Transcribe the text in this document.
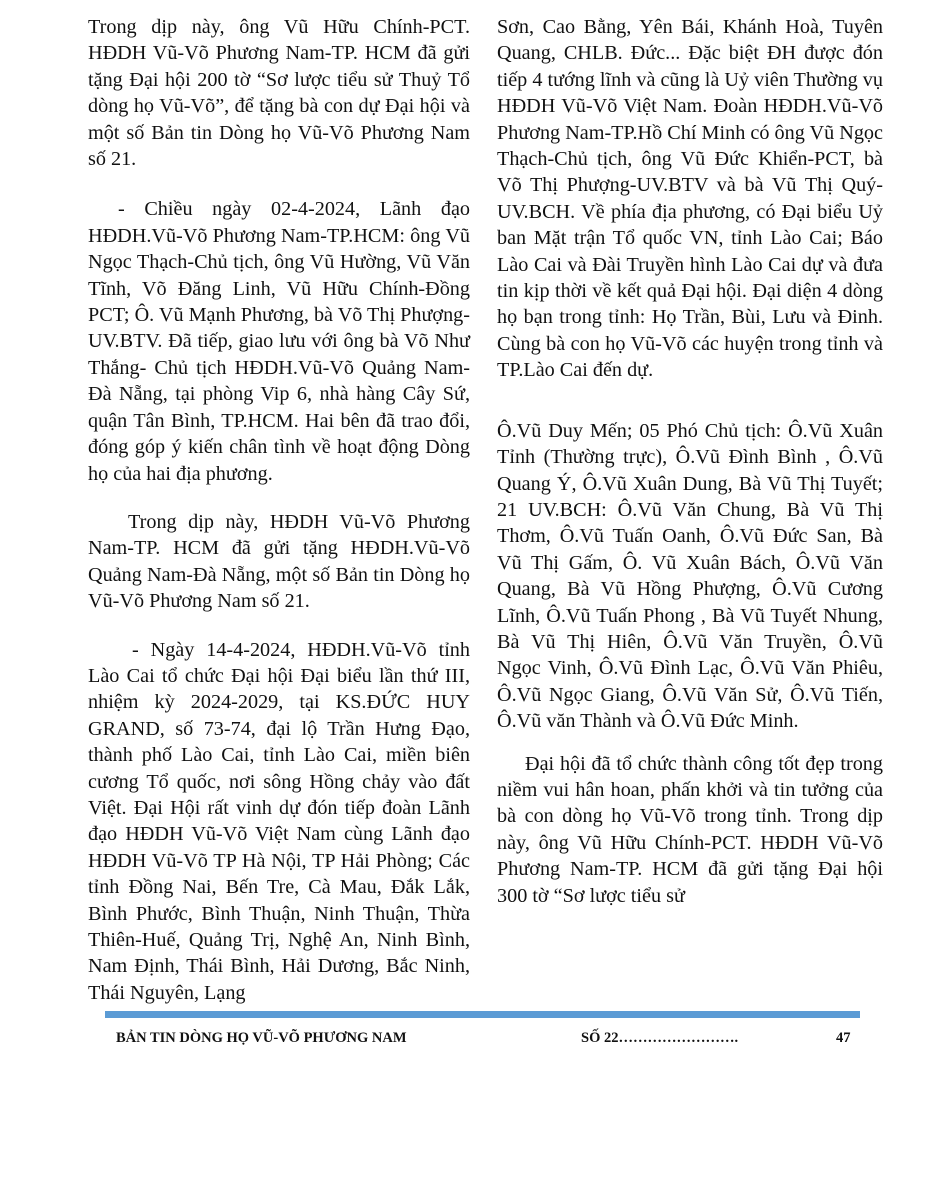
Trong dịp này, ông Vũ Hữu Chính-PCT. HĐDH Vũ-Võ Phương Nam-TP. HCM đã gửi tặng Đại hội 200 tờ “Sơ lược tiểu sử Thuỷ Tổ dòng họ Vũ-Võ”, để tặng bà con dự Đại hội và một số Bản tin Dòng họ Vũ-Võ Phương Nam số 21.

- Chiều ngày 02-4-2024, Lãnh đạo HĐDH.Vũ-Võ Phương Nam-TP.HCM: ông Vũ Ngọc Thạch-Chủ tịch, ông Vũ Hường, Vũ Văn Tĩnh, Võ Đăng Linh, Vũ Hữu Chính-Đồng PCT; Ô. Vũ Mạnh Phương, bà Võ Thị Phượng-UV.BTV. Đã tiếp, giao lưu với ông bà Võ Như Thắng- Chủ tịch HĐDH.Vũ-Võ Quảng Nam-Đà Nẵng, tại phòng Vip 6, nhà hàng Cây Sứ, quận Tân Bình, TP.HCM. Hai bên đã trao đổi, đóng góp ý kiến chân tình về hoạt động Dòng họ của hai địa phương.

Trong dịp này, HĐDH Vũ-Võ Phương Nam-TP. HCM đã gửi tặng HĐDH.Vũ-Võ Quảng Nam-Đà Nẵng, một số Bản tin Dòng họ Vũ-Võ Phương Nam số 21.

- Ngày 14-4-2024, HĐDH.Vũ-Võ tỉnh Lào Cai tổ chức Đại hội Đại biểu lần thứ III, nhiệm kỳ 2024-2029, tại KS.ĐỨC HUY GRAND, số 73-74, đại lộ Trần Hưng Đạo, thành phố Lào Cai, tỉnh Lào Cai, miền biên cương Tổ quốc, nơi sông Hồng chảy vào đất Việt. Đại Hội rất vinh dự đón tiếp đoàn Lãnh đạo HĐDH Vũ-Võ Việt Nam cùng Lãnh đạo HĐDH Vũ-Võ TP Hà Nội, TP Hải Phòng; Các tỉnh Đồng Nai, Bến Tre, Cà Mau, Đắk Lắk, Bình Phước, Bình Thuận, Ninh Thuận, Thừa Thiên-Huế, Quảng Trị, Nghệ An, Ninh Bình, Nam Định, Thái Bình, Hải Dương, Bắc Ninh, Thái Nguyên, Lạng

Sơn, Cao Bằng, Yên Bái, Khánh Hoà, Tuyên Quang, CHLB. Đức... Đặc biệt ĐH được đón tiếp 4 tướng lĩnh và cũng là Uỷ viên Thường vụ HĐDH Vũ-Võ Việt Nam. Đoàn HĐDH.Vũ-Võ Phương Nam-TP.Hồ Chí Minh có ông Vũ Ngọc Thạch-Chủ tịch, ông Vũ Đức Khiển-PCT, bà Võ Thị Phượng-UV.BTV và bà Vũ Thị Quý-UV.BCH. Về phía địa phương, có Đại biểu Uỷ ban Mặt trận Tổ quốc VN, tỉnh Lào Cai; Báo Lào Cai và Đài Truyền hình Lào Cai dự và đưa tin kịp thời về kết quả Đại hội. Đại diện 4 dòng họ bạn trong tỉnh: Họ Trần, Bùi, Lưu và Đinh. Cùng bà con họ Vũ-Võ các huyện trong tỉnh và TP.Lào Cai đến dự.

Ô.Vũ Duy Mến; 05 Phó Chủ tịch: Ô.Vũ Xuân Tỉnh (Thường trực), Ô.Vũ Đình Bình , Ô.Vũ Quang Ý, Ô.Vũ Xuân Dung, Bà Vũ Thị Tuyết; 21 UV.BCH: Ô.Vũ Văn Chung, Bà Vũ Thị Thơm, Ô.Vũ Tuấn Oanh, Ô.Vũ Đức San, Bà Vũ Thị Gấm, Ô. Vũ Xuân Bách, Ô.Vũ Văn Quang, Bà Vũ Hồng Phượng, Ô.Vũ Cương Lĩnh, Ô.Vũ Tuấn Phong , Bà Vũ Tuyết Nhung, Bà Vũ Thị Hiên, Ô.Vũ Văn Truyền, Ô.Vũ Ngọc Vinh, Ô.Vũ Đình Lạc, Ô.Vũ Văn Phiêu, Ô.Vũ Ngọc Giang, Ô.Vũ Văn Sử, Ô.Vũ Tiến, Ô.Vũ văn Thành và Ô.Vũ Đức Minh.

Đại hội đã tổ chức thành công tốt đẹp trong niềm vui hân hoan, phấn khởi và tin tưởng của bà con dòng họ Vũ-Võ trong tỉnh. Trong dịp này, ông Vũ Hữu Chính-PCT. HĐDH Vũ-Võ Phương Nam-TP. HCM đã gửi tặng Đại hội 300 tờ “Sơ lược tiểu sử

BẢN TIN DÒNG HỌ VŨ-VÕ PHƯƠNG NAM	SỐ 22…………………….	47
